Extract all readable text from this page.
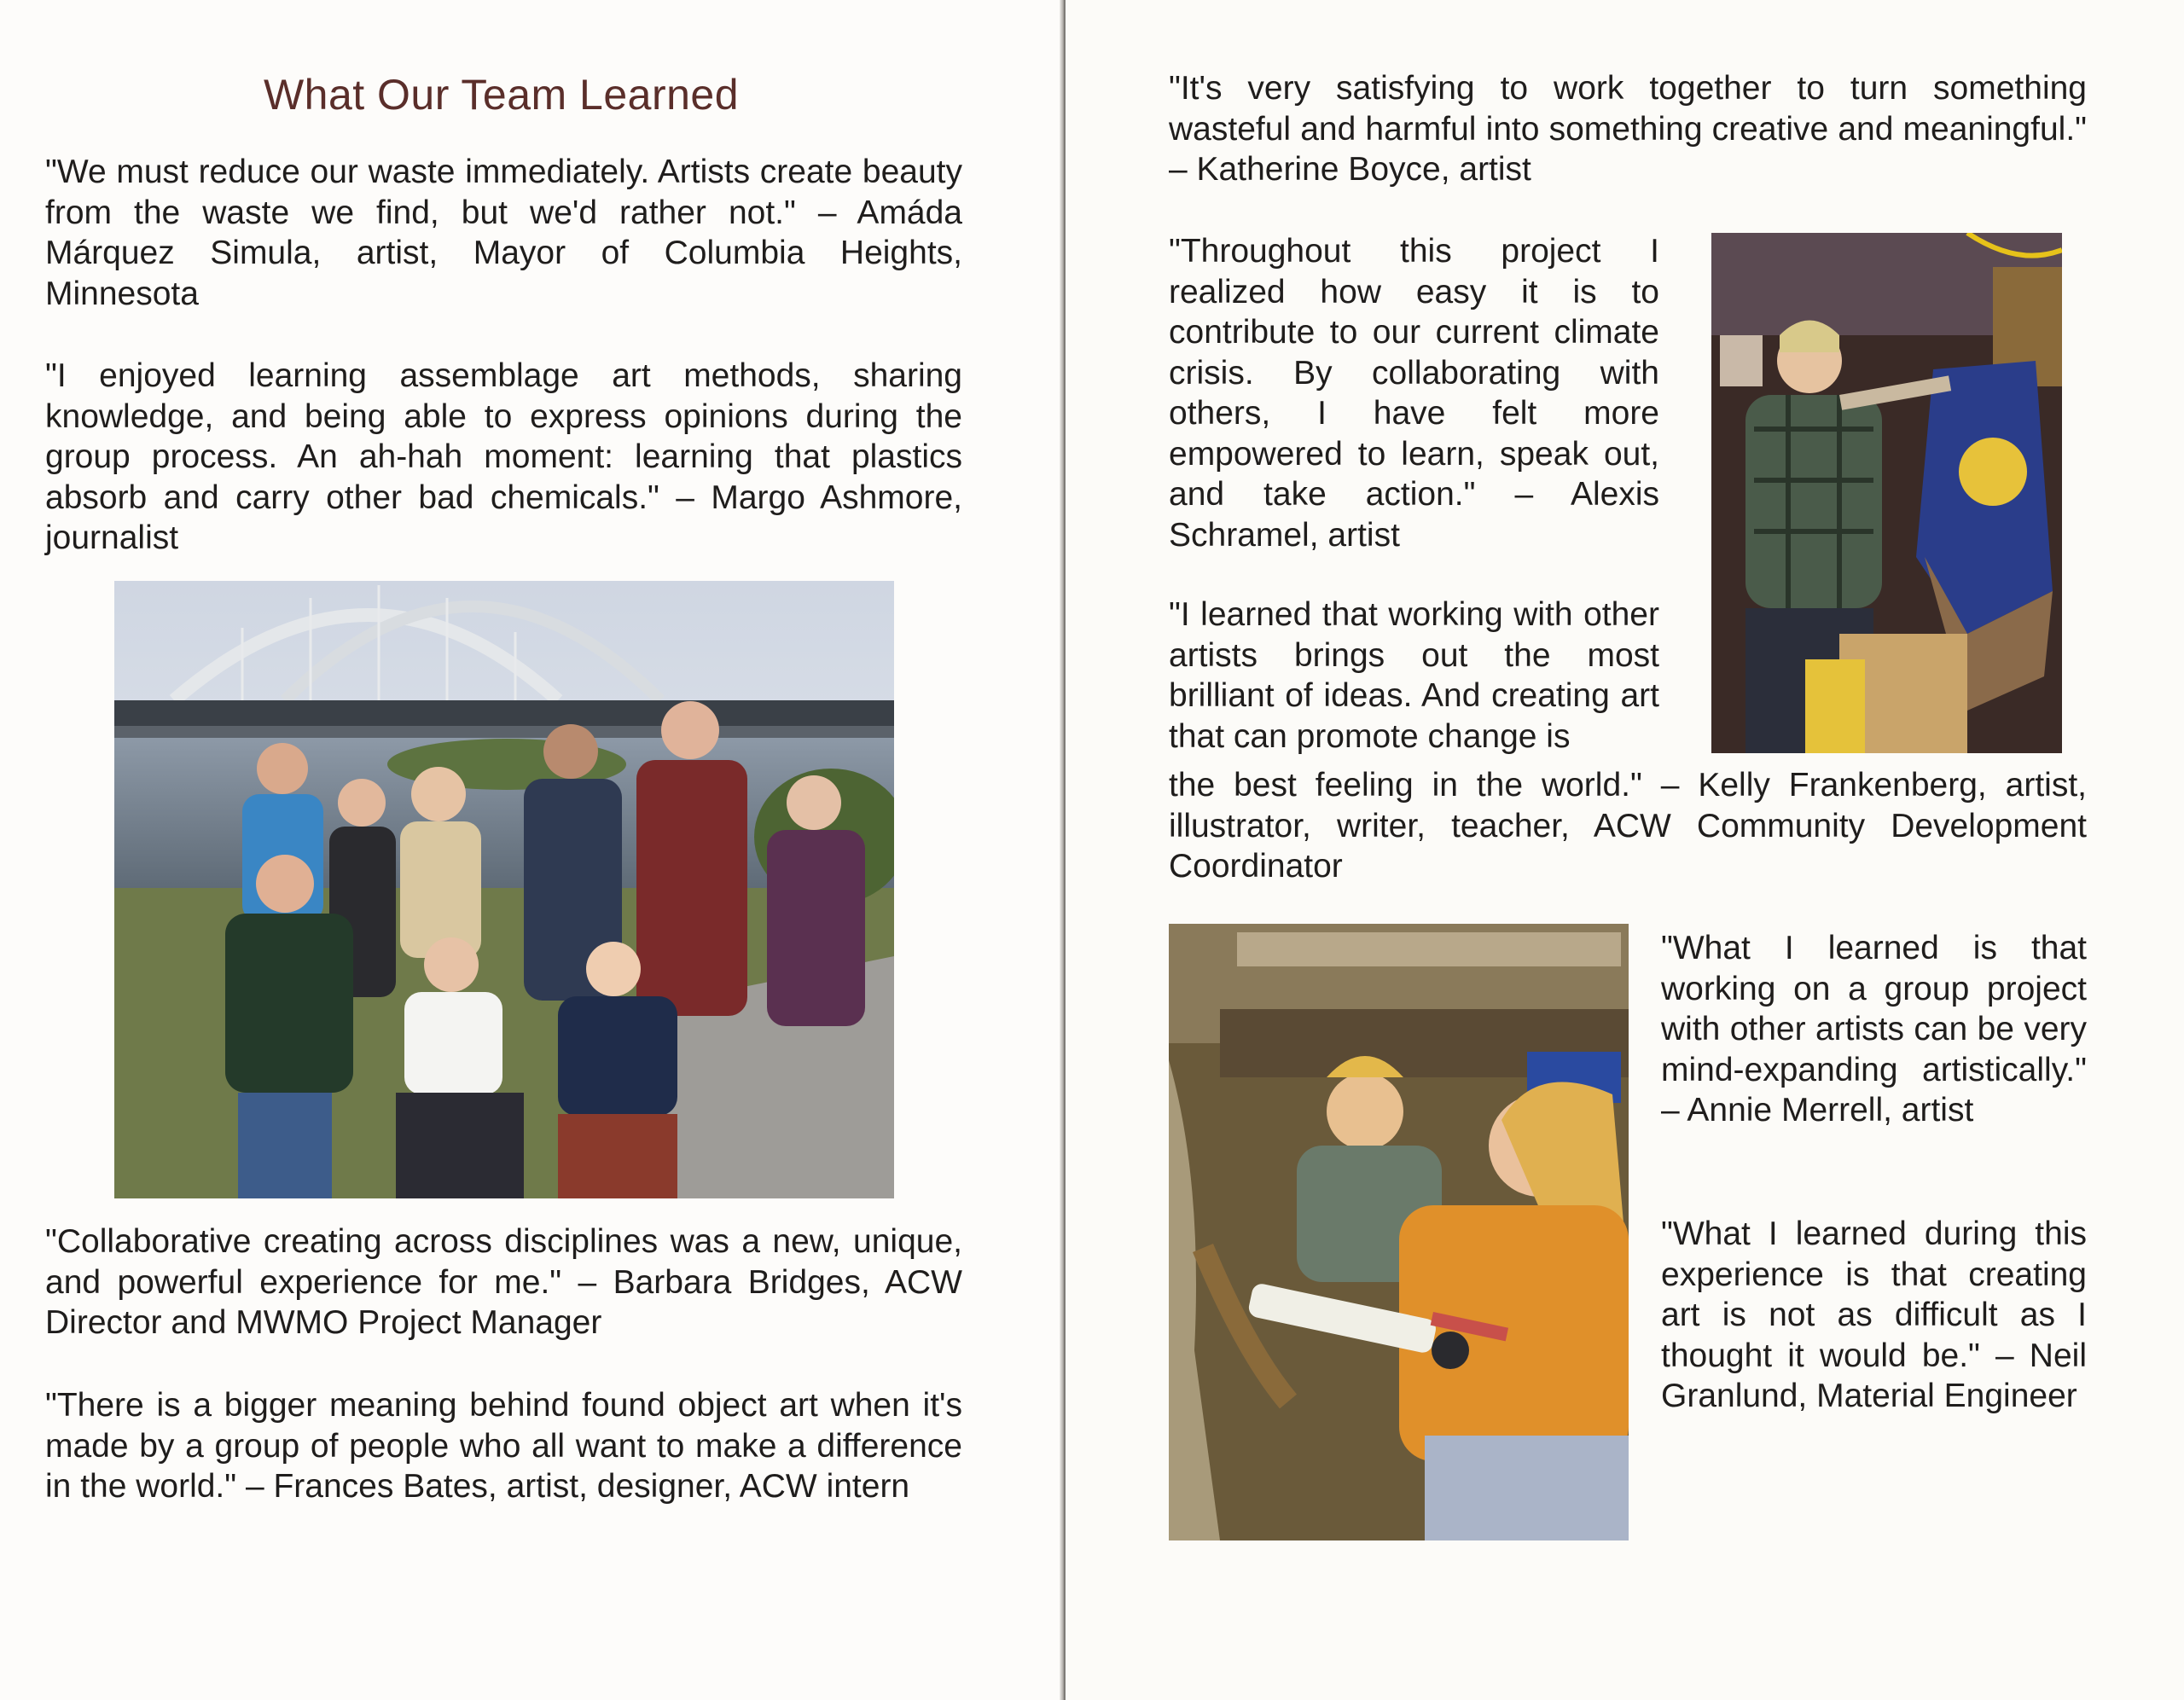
What Our Team Learned

"We must reduce our waste immediately. Artists create beauty from the waste we find, but we'd rather not." – Amáda Márquez Simula, artist, Mayor of Columbia Heights, Minnesota

"I enjoyed learning assemblage art methods, sharing knowledge, and being able to express opinions during the group process. An ah-hah moment: learning that plastics absorb and carry other bad chemicals." – Margo Ashmore, journalist

"Collaborative creating across disciplines was a new, unique, and powerful experience for me." – Barbara Bridges, ACW Director and MWMO Project Manager

"There is a bigger meaning behind found object art when it's made by a group of people who all want to make a difference in the world." – Frances Bates, artist, designer, ACW intern

"It's very satisfying to work together to turn something wasteful and harmful into something creative and meaningful." – Katherine Boyce, artist

"Throughout this project I realized how easy it is to contribute to our current climate crisis. By collaborating with others, I have felt more empowered to learn, speak out, and take action." – Alexis Schramel, artist

"I learned that working with other artists brings out the most brilliant of ideas. And creating art that can promote change is

the best feeling in the world." – Kelly Frankenberg, artist, illustrator, writer, teacher, ACW Community Development Coordinator

"What I learned is that working on a group project with other artists can be very mind-expanding artistically." – Annie Merrell, artist

"What I learned during this experience is that creating art is not as difficult as I thought it would be." – Neil Granlund, Material Engineer
